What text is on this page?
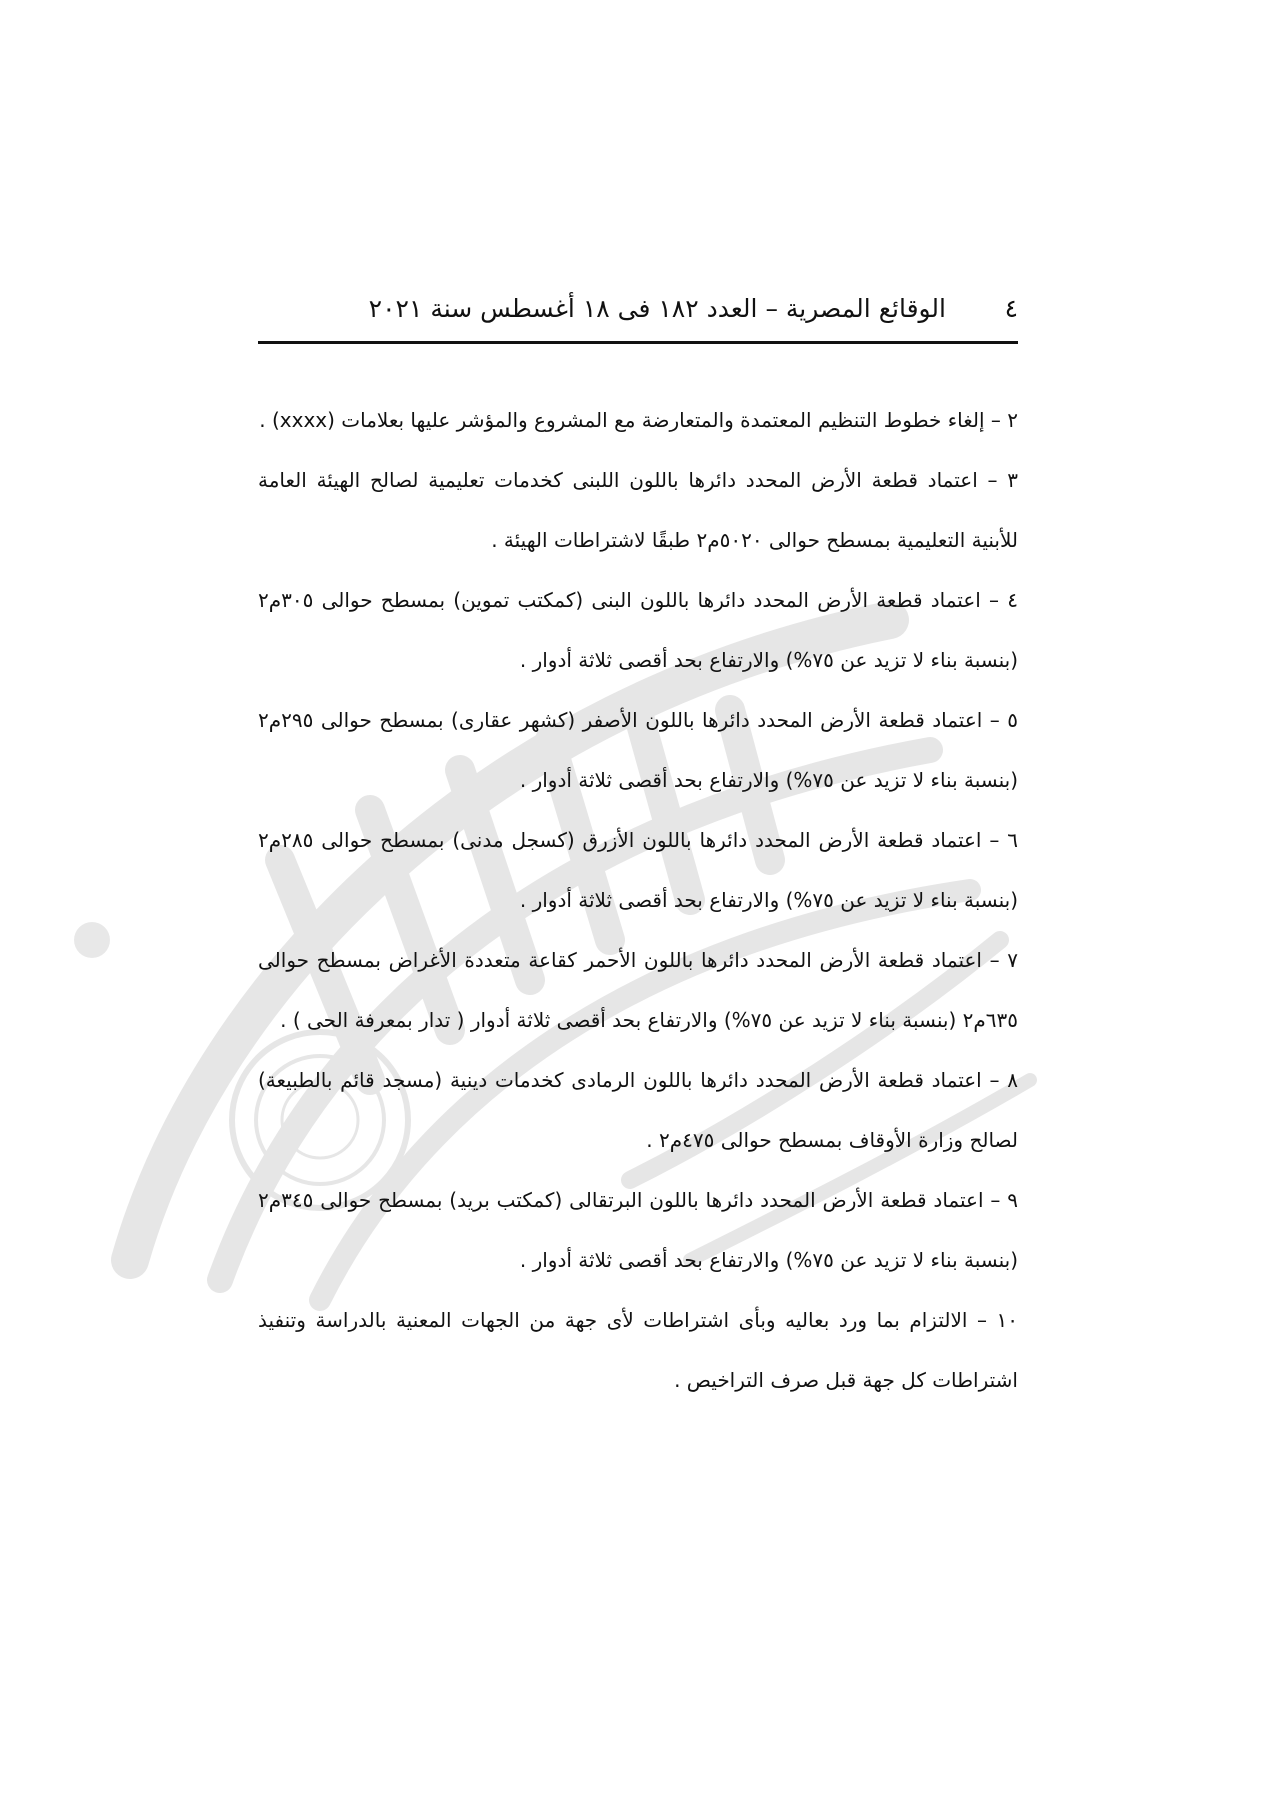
٤
الوقائع المصرية – العدد ١٨٢ فى ١٨ أغسطس سنة ٢٠٢١

٢ – إلغاء خطوط التنظيم المعتمدة والمتعارضة مع المشروع والمؤشر عليها بعلامات (xxxx) .

٣ – اعتماد قطعة الأرض المحدد دائرها باللون اللبنى كخدمات تعليمية لصالح الهيئة العامة للأبنية التعليمية بمسطح حوالى ٥٠٢٠م٢ طبقًا لاشتراطات الهيئة .

٤ – اعتماد قطعة الأرض المحدد دائرها باللون البنى (كمكتب تموين) بمسطح حوالى ٣٠٥م٢ (بنسبة بناء لا تزيد عن ٧٥%) والارتفاع بحد أقصى ثلاثة أدوار .

٥ – اعتماد قطعة الأرض المحدد دائرها باللون الأصفر (كشهر عقارى) بمسطح حوالى ٢٩٥م٢ (بنسبة بناء لا تزيد عن ٧٥%) والارتفاع بحد أقصى ثلاثة أدوار .

٦ – اعتماد قطعة الأرض المحدد دائرها باللون الأزرق (كسجل مدنى) بمسطح حوالى ٢٨٥م٢ (بنسبة بناء لا تزيد عن ٧٥%) والارتفاع بحد أقصى ثلاثة أدوار .

٧ – اعتماد قطعة الأرض المحدد دائرها باللون الأحمر كقاعة متعددة الأغراض بمسطح حوالى ٦٣٥م٢ (بنسبة بناء لا تزيد عن ٧٥%) والارتفاع بحد أقصى ثلاثة أدوار ( تدار بمعرفة الحى ) .

٨ – اعتماد قطعة الأرض المحدد دائرها باللون الرمادى كخدمات دينية (مسجد قائم بالطبيعة) لصالح وزارة الأوقاف بمسطح حوالى ٤٧٥م٢ .

٩ – اعتماد قطعة الأرض المحدد دائرها باللون البرتقالى (كمكتب بريد) بمسطح حوالى ٣٤٥م٢ (بنسبة بناء لا تزيد عن ٧٥%) والارتفاع بحد أقصى ثلاثة أدوار .

١٠ – الالتزام بما ورد بعاليه وبأى اشتراطات لأى جهة من الجهات المعنية بالدراسة وتنفيذ اشتراطات كل جهة قبل صرف التراخيص .
